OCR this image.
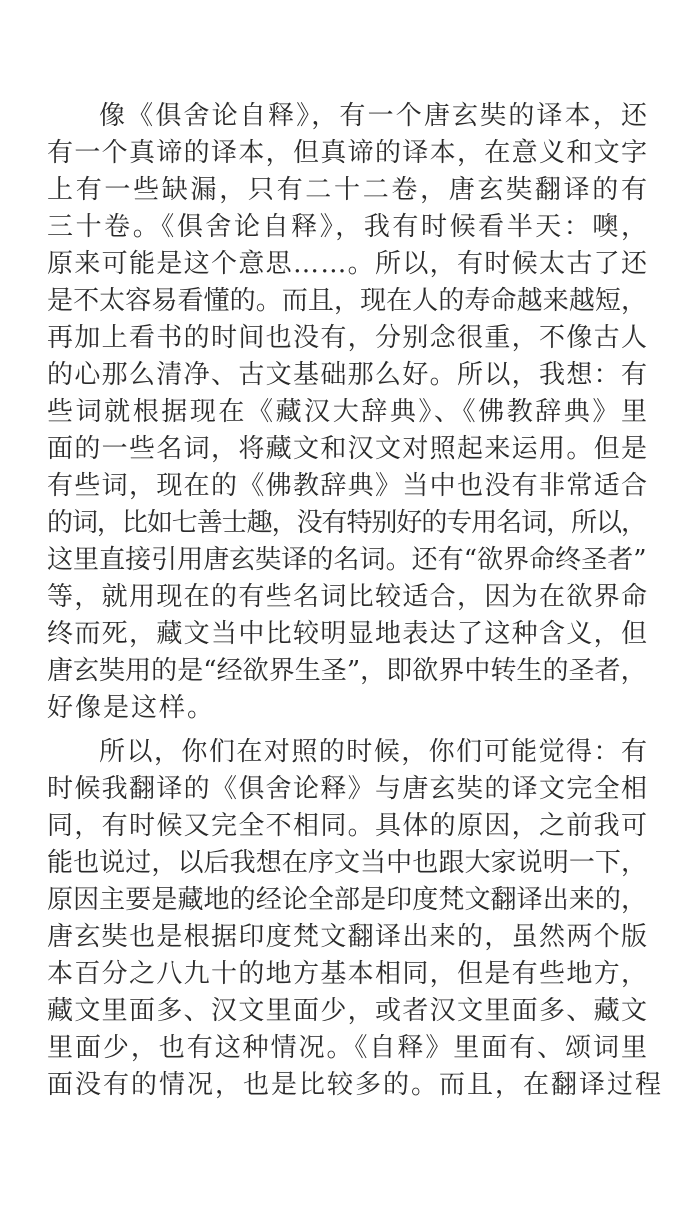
像《俱舍论自释》，有一个唐玄奘的译本，还
有一个真谛的译本，但真谛的译本，在意义和文字
上有一些缺漏，只有二十二卷，唐玄奘翻译的有
三十卷。《俱舍论自释》，我有时候看半天：噢，
原来可能是这个意思……。所以，有时候太古了还
是不太容易看懂的。而且，现在人的寿命越来越短，
再加上看书的时间也没有，分别念很重，不像古人
的心那么清净、古文基础那么好。所以，我想：有
些词就根据现在《藏汉大辞典》、《佛教辞典》里
面的一些名词，将藏文和汉文对照起来运用。但是
有些词，现在的《佛教辞典》当中也没有非常适合
的词，比如七善士趣，没有特别好的专用名词，所以，
这里直接引用唐玄奘译的名词。还有“欲界命终圣者”
等，就用现在的有些名词比较适合，因为在欲界命
终而死，藏文当中比较明显地表达了这种含义，但
唐玄奘用的是“经欲界生圣”，即欲界中转生的圣者，
好像是这样。
所以，你们在对照的时候，你们可能觉得：有
时候我翻译的《俱舍论释》与唐玄奘的译文完全相
同，有时候又完全不相同。具体的原因，之前我可
能也说过，以后我想在序文当中也跟大家说明一下，
原因主要是藏地的经论全部是印度梵文翻译出来的，
唐玄奘也是根据印度梵文翻译出来的，虽然两个版
本百分之八九十的地方基本相同，但是有些地方，
藏文里面多、汉文里面少，或者汉文里面多、藏文
里面少，也有这种情况。《自释》里面有、颂词里
面没有的情况，也是比较多的。而且，在翻译过程
